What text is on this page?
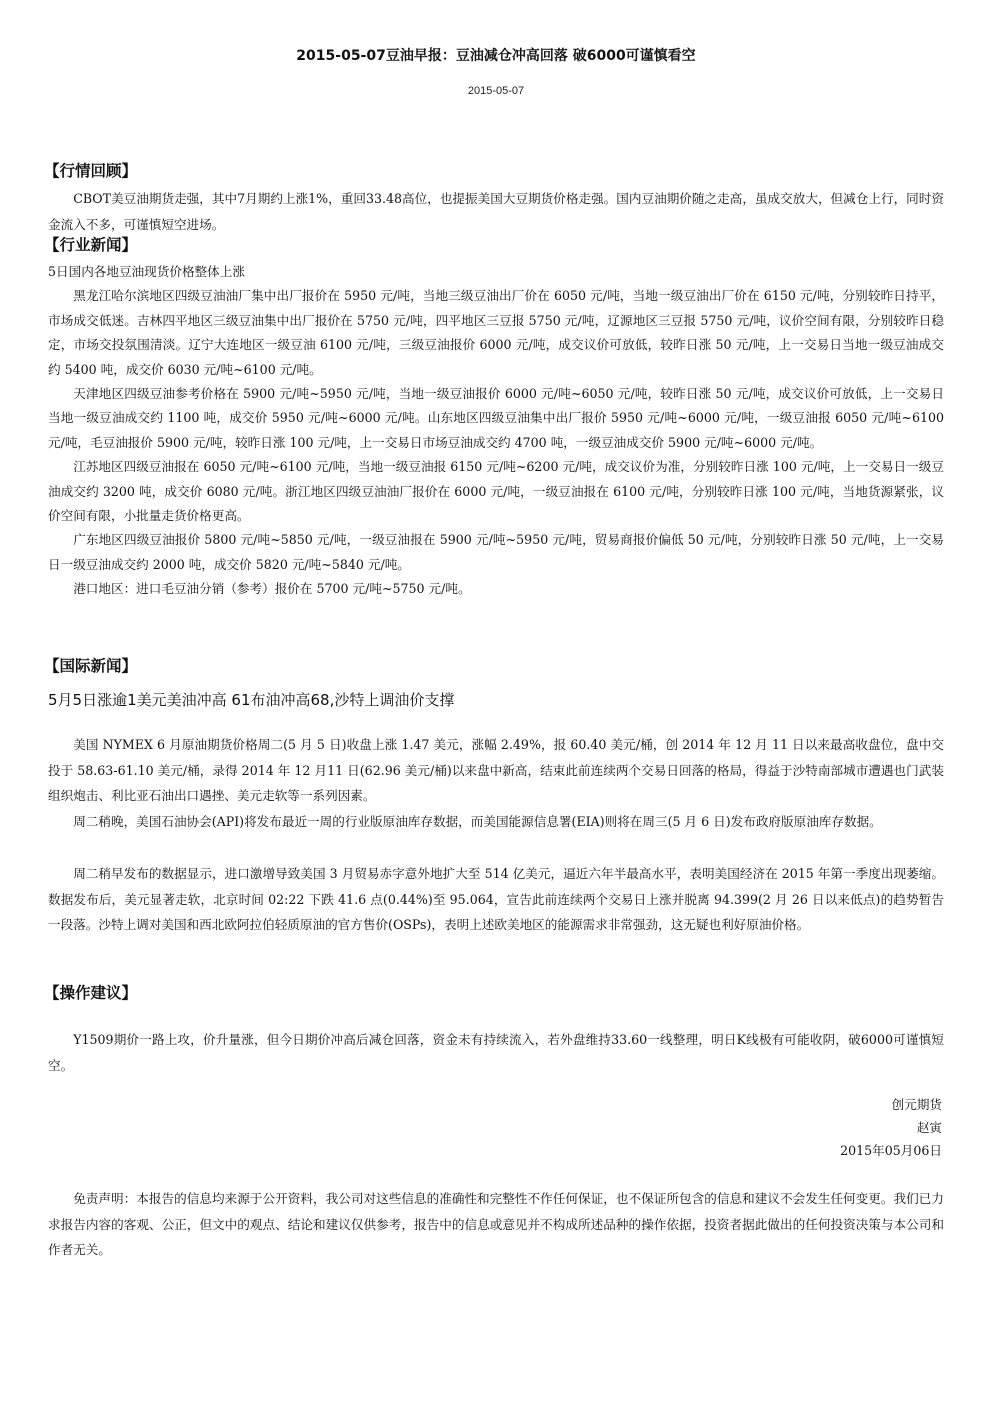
2015-05-07豆油早报：豆油减仓冲高回落 破6000可谨慎看空
2015-05-07
【行情回顾】

CBOT美豆油期货走强，其中7月期约上涨1%，重回33.48高位，也提振美国大豆期货价格走强。国内豆油期价随之走高，虽成交放大，但减仓上行，同时资金流入不多，可谨慎短空进场。

【行业新闻】
5日国内各地豆油现货价格整体上涨

黑龙江哈尔滨地区四级豆油油厂集中出厂报价在 5950 元/吨，当地三级豆油出厂价在 6050 元/吨，当地一级豆油出厂价在 6150 元/吨，分别较昨日持平，市场成交低迷。吉林四平地区三级豆油集中出厂报价在 5750 元/吨，四平地区三豆报 5750 元/吨，辽源地区三豆报 5750 元/吨，议价空间有限，分别较昨日稳定，市场交投氛围清淡。辽宁大连地区一级豆油 6100 元/吨，三级豆油报价 6000 元/吨，成交议价可放低，较昨日涨 50 元/吨，上一交易日当地一级豆油成交约 5400 吨，成交价 6030 元/吨~6100 元/吨。

天津地区四级豆油参考价格在 5900 元/吨~5950 元/吨，当地一级豆油报价 6000 元/吨~6050 元/吨，较昨日涨 50 元/吨，成交议价可放低，上一交易日当地一级豆油成交约 1100 吨，成交价 5950 元/吨~6000 元/吨。山东地区四级豆油集中出厂报价 5950 元/吨~6000 元/吨，一级豆油报 6050 元/吨~6100 元/吨，毛豆油报价 5900 元/吨，较昨日涨 100 元/吨，上一交易日市场豆油成交约 4700 吨，一级豆油成交价 5900 元/吨~6000 元/吨。

江苏地区四级豆油报在 6050 元/吨~6100 元/吨，当地一级豆油报 6150 元/吨~6200 元/吨，成交议价为准，分别较昨日涨 100 元/吨，上一交易日一级豆油成交约 3200 吨，成交价 6080 元/吨。浙江地区四级豆油油厂报价在 6000 元/吨，一级豆油报在 6100 元/吨，分别较昨日涨 100 元/吨，当地货源紧张，议价空间有限，小批量走货价格更高。

广东地区四级豆油报价 5800 元/吨~5850 元/吨，一级豆油报在 5900 元/吨~5950 元/吨，贸易商报价偏低 50 元/吨，分别较昨日涨 50 元/吨，上一交易日一级豆油成交约 2000 吨，成交价 5820 元/吨~5840 元/吨。

港口地区：进口毛豆油分销（参考）报价在 5700 元/吨~5750 元/吨。

【国际新闻】
5月5日涨逾1美元美油冲高 61布油冲高68,沙特上调油价支撑

美国 NYMEX 6 月原油期货价格周二(5 月 5 日)收盘上涨 1.47 美元，涨幅 2.49%，报 60.40 美元/桶，创 2014 年 12 月 11 日以来最高收盘位，盘中交投于 58.63-61.10 美元/桶，录得 2014 年 12 月11 日(62.96 美元/桶)以来盘中新高，结束此前连续两个交易日回落的格局，得益于沙特南部城市遭遇也门武装组织炮击、利比亚石油出口遇挫、美元走软等一系列因素。

周二稍晚，美国石油协会(API)将发布最近一周的行业版原油库存数据，而美国能源信息署(EIA)则将在周三(5 月 6 日)发布政府版原油库存数据。

周二稍早发布的数据显示，进口激增导致美国 3 月贸易赤字意外地扩大至 514 亿美元，逼近六年半最高水平，表明美国经济在 2015 年第一季度出现萎缩。数据发布后，美元显著走软，北京时间 02:22 下跌 41.6 点(0.44%)至 95.064，宣告此前连续两个交易日上涨并脱离 94.399(2 月 26 日以来低点)的趋势暂告一段落。沙特上调对美国和西北欧阿拉伯轻质原油的官方售价(OSPs)，表明上述欧美地区的能源需求非常强劲，这无疑也利好原油价格。

【操作建议】

Y1509期价一路上攻，价升量涨，但今日期价冲高后减仓回落，资金未有持续流入，若外盘维持33.60一线整理，明日K线极有可能收阴，破6000可谨慎短空。

创元期货
赵寅
2015年05月06日

免责声明：本报告的信息均来源于公开资料，我公司对这些信息的准确性和完整性不作任何保证，也不保证所包含的信息和建议不会发生任何变更。我们已力求报告内容的客观、公正，但文中的观点、结论和建议仅供参考，报告中的信息或意见并不构成所述品种的操作依据，投资者据此做出的任何投资决策与本公司和作者无关。
